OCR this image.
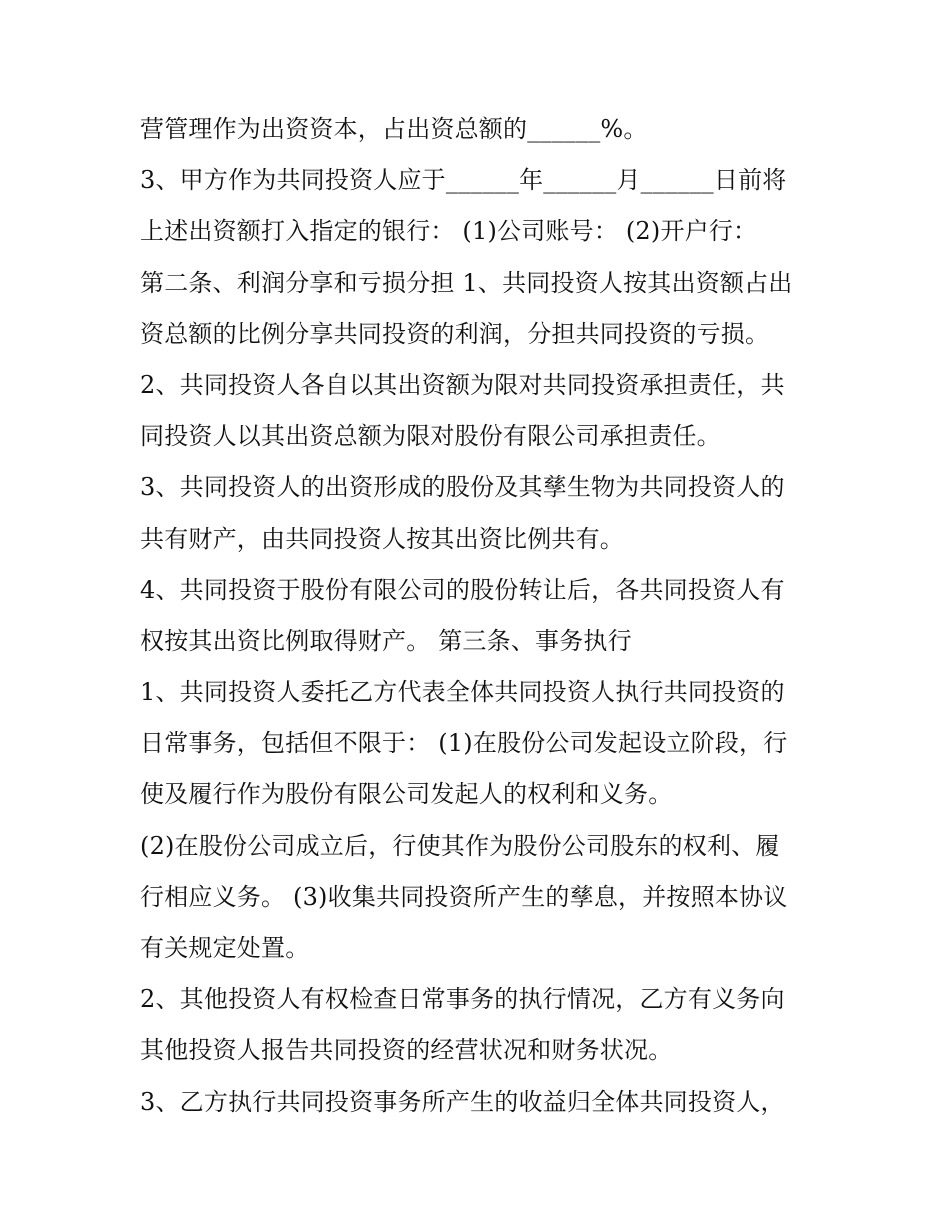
营管理作为出资资本，占出资总额的______%。
3、甲方作为共同投资人应于______年______月______日前将
上述出资额打入指定的银行： (1)公司账号： (2)开户行：
第二条、利润分享和亏损分担 1、共同投资人按其出资额占出
资总额的比例分享共同投资的利润，分担共同投资的亏损。
2、共同投资人各自以其出资额为限对共同投资承担责任，共
同投资人以其出资总额为限对股份有限公司承担责任。
3、共同投资人的出资形成的股份及其孳生物为共同投资人的
共有财产，由共同投资人按其出资比例共有。
4、共同投资于股份有限公司的股份转让后，各共同投资人有
权按其出资比例取得财产。 第三条、事务执行
1、共同投资人委托乙方代表全体共同投资人执行共同投资的
日常事务，包括但不限于： (1)在股份公司发起设立阶段，行
使及履行作为股份有限公司发起人的权利和义务。
(2)在股份公司成立后，行使其作为股份公司股东的权利、履
行相应义务。 (3)收集共同投资所产生的孳息，并按照本协议
有关规定处置。
2、其他投资人有权检查日常事务的执行情况，乙方有义务向
其他投资人报告共同投资的经营状况和财务状况。
3、乙方执行共同投资事务所产生的收益归全体共同投资人，
